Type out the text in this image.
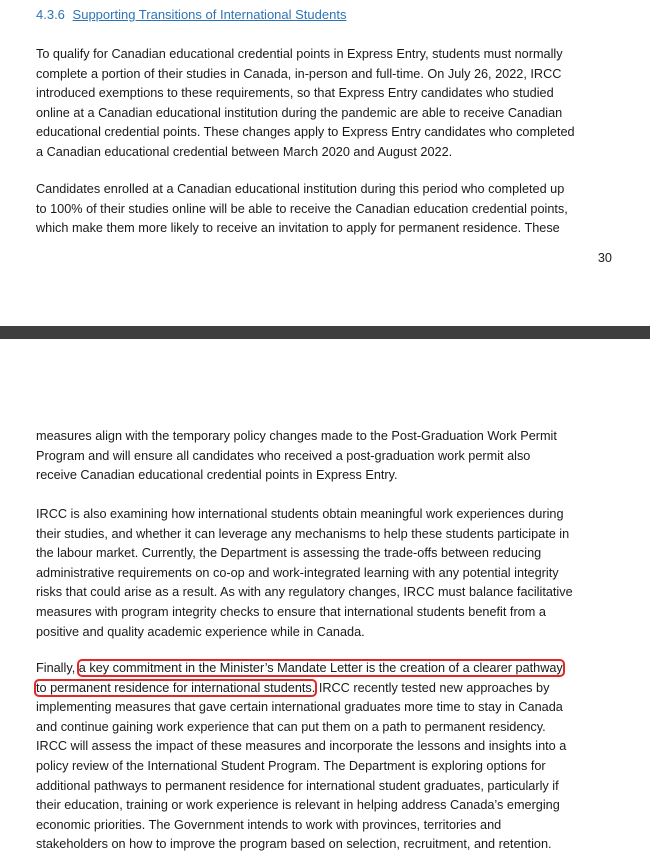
4.3.6 Supporting Transitions of International Students
To qualify for Canadian educational credential points in Express Entry, students must normally
complete a portion of their studies in Canada, in-person and full-time. On July 26, 2022, IRCC
introduced exemptions to these requirements, so that Express Entry candidates who studied
online at a Canadian educational institution during the pandemic are able to receive Canadian
educational credential points. These changes apply to Express Entry candidates who completed
a Canadian educational credential between March 2020 and August 2022.
Candidates enrolled at a Canadian educational institution during this period who completed up
to 100% of their studies online will be able to receive the Canadian education credential points,
which make them more likely to receive an invitation to apply for permanent residence. These
30
measures align with the temporary policy changes made to the Post-Graduation Work Permit
Program and will ensure all candidates who received a post-graduation work permit also
receive Canadian educational credential points in Express Entry.
IRCC is also examining how international students obtain meaningful work experiences during
their studies, and whether it can leverage any mechanisms to help these students participate in
the labour market. Currently, the Department is assessing the trade-offs between reducing
administrative requirements on co-op and work-integrated learning with any potential integrity
risks that could arise as a result. As with any regulatory changes, IRCC must balance facilitative
measures with program integrity checks to ensure that international students benefit from a
positive and quality academic experience while in Canada.
Finally, a key commitment in the Minister’s Mandate Letter is the creation of a clearer pathway
to permanent residence for international students. IRCC recently tested new approaches by
implementing measures that gave certain international graduates more time to stay in Canada
and continue gaining work experience that can put them on a path to permanent residency.
IRCC will assess the impact of these measures and incorporate the lessons and insights into a
policy review of the International Student Program. The Department is exploring options for
additional pathways to permanent residence for international student graduates, particularly if
their education, training or work experience is relevant in helping address Canada’s emerging
economic priorities. The Government intends to work with provinces, territories and
stakeholders on how to improve the program based on selection, recruitment, and retention.
